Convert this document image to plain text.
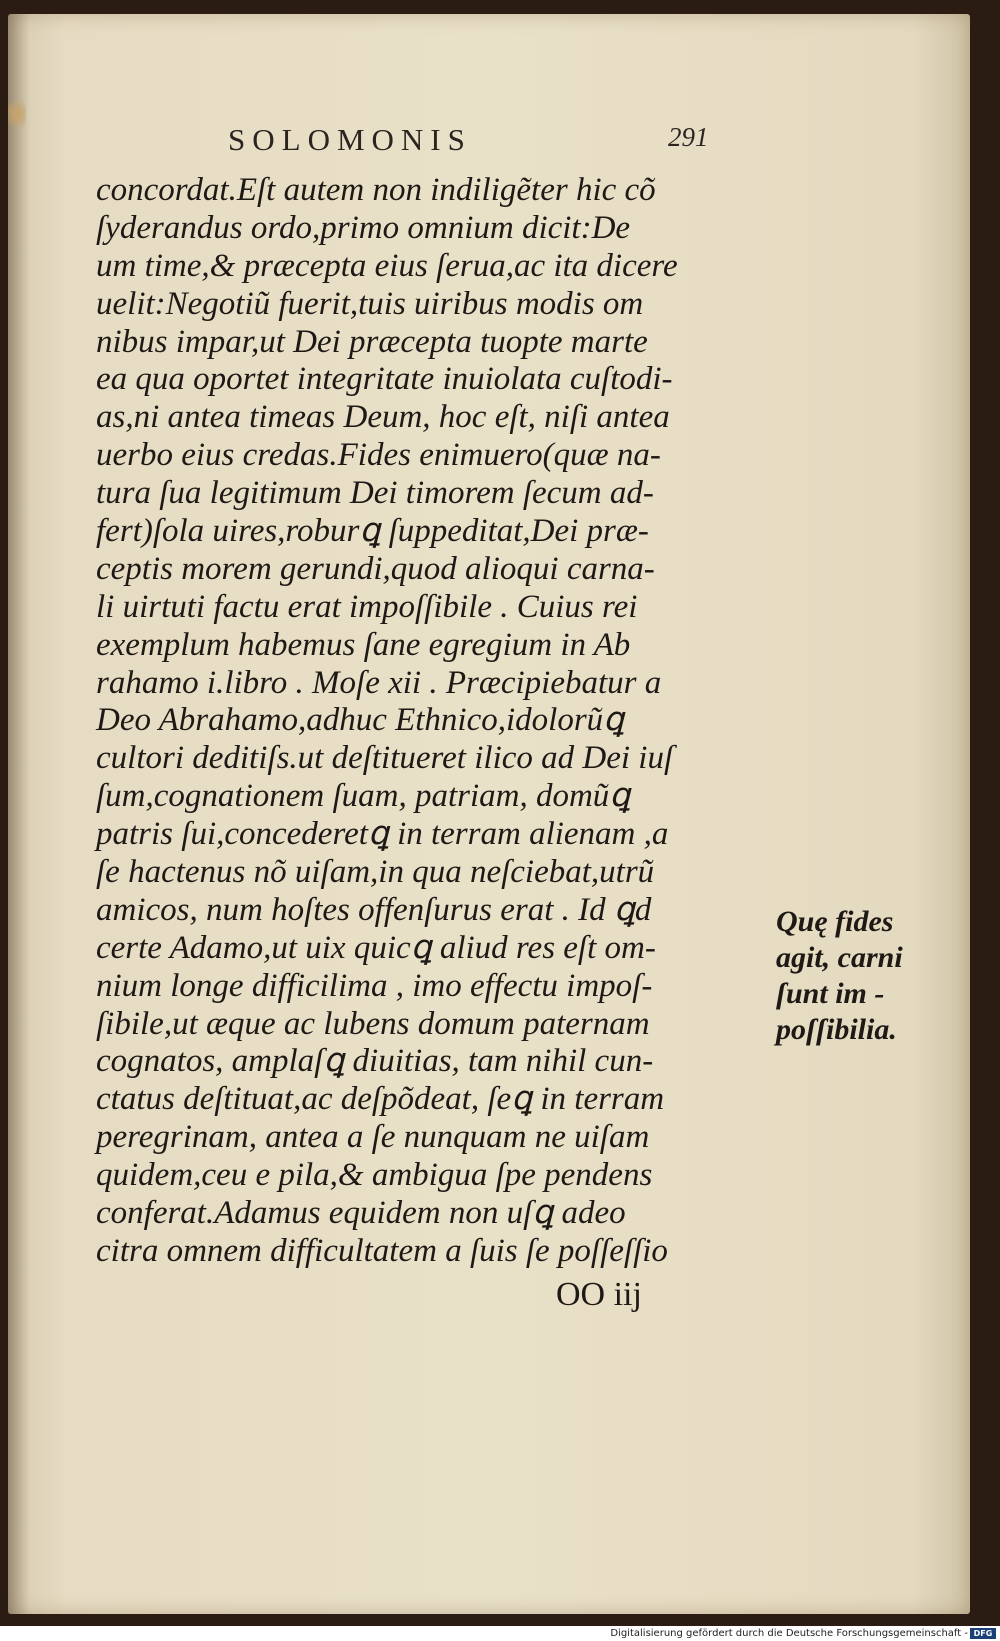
SOLOMONIS	291
concordat.Eſt autem non indiligẽter hic cõ
ſyderandus ordo,primo omnium dicit:De
um time,& præcepta eius ſerua,ac ita dicere
uelit:Negotiũ fuerit,tuis uiribus modis om
nibus impar,ut Dei præcepta tuopte marte
ea qua oportet integritate inuiolata cuſtodi-
as,ni antea timeas Deum, hoc eſt, niſi antea
uerbo eius credas.Fides enimuero(quæ na-
tura ſua legitimum Dei timorem ſecum ad-
fert)ſola uires,roburꝗ ſuppeditat,Dei præ-
ceptis morem gerundi,quod alioqui carna-
li uirtuti factu erat impoſſibile . Cuius rei
exemplum habemus ſane egregium in Ab
rahamo i.libro . Moſe xii . Præcipiebatur a
Deo Abrahamo,adhuc Ethnico,idolorũꝗ
cultori deditiſs.ut deſtitueret ilico ad Dei iuſ
ſum,cognationem ſuam, patriam, domũꝗ
patris ſui,concederetꝗ in terram alienam ,a
ſe hactenus nõ uiſam,in qua neſciebat,utrũ
amicos, num hoſtes offenſurus erat . Id ꝗd
certe Adamo,ut uix quicꝗ aliud res eſt om-
nium longe difficilima , imo effectu impoſ-
ſibile,ut æque ac lubens domum paternam
cognatos, amplaſꝗ diuitias, tam nihil cun-
ctatus deſtituat,ac deſpõdeat, ſeꝗ in terram
peregrinam, antea a ſe nunquam ne uiſam
quidem,ceu e pila,& ambigua ſpe pendens
conferat.Adamus equidem non uſꝗ adeo
citra omnem difficultatem a ſuis ſe poſſeſſio
Quę fides
agit, carni
ſunt im -
poſſibilia.
OO iij
Digitalisierung gefördert durch die Deutsche Forschungsgemeinschaft - DFG
